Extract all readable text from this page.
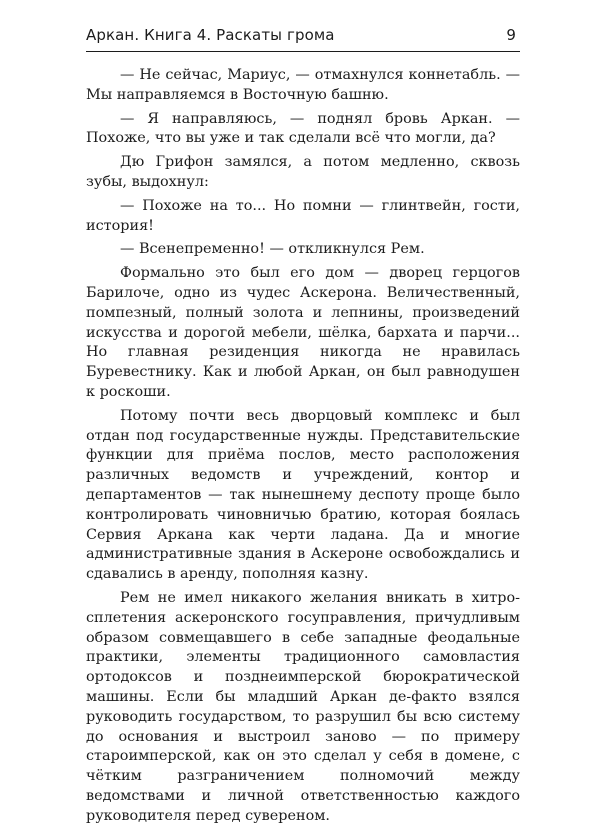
Аркан. Книга 4. Раскаты грома	9

— Не сейчас, Мариус, — отмахнулся коннетабль. — Мы направляемся в Восточную башню.

— Я направляюсь, — поднял бровь Аркан. — Похоже, что вы уже и так сделали всё что могли, да?

Дю Грифон замялся, а потом медленно, сквозь зубы, выдохнул:

— Похоже на то... Но помни — глинтвейн, гости, история!

— Всенепременно! — откликнулся Рем.

Формально это был его дом — дворец герцогов Барилоче, одно из чудес Аскерона. Величественный, помпезный, полный золота и лепнины, произведений искусства и дорогой мебели, шёлка, бархата и парчи... Но главная резиденция никогда не нравилась Буревестнику. Как и любой Аркан, он был равнодушен к роскоши.

Потому почти весь дворцовый комплекс и был отдан под государственные нужды. Представительские функции для приёма послов, место расположения различных ведомств и учреждений, контор и департаментов — так нынешнему деспоту проще было контролировать чиновничью братию, которая боялась Сервия Аркана как черти ладана. Да и многие административные здания в Аскероне освобождались и сдавались в аренду, пополняя казну.

Рем не имел никакого желания вникать в хитросплетения аскеронского госуправления, причудливым образом совмещавшего в себе западные феодальные практики, элементы традиционного самовластия ортодоксов и позднеимперской бюрократической машины. Если бы младший Аркан де-факто взялся руководить государством, то разрушил бы всю систему до основания и выстроил заново — по примеру староимперской, как он это сделал у себя в домене, с чётким разграничением полномочий между ведомствами и личной ответственностью каждого руководителя перед сувереном.
